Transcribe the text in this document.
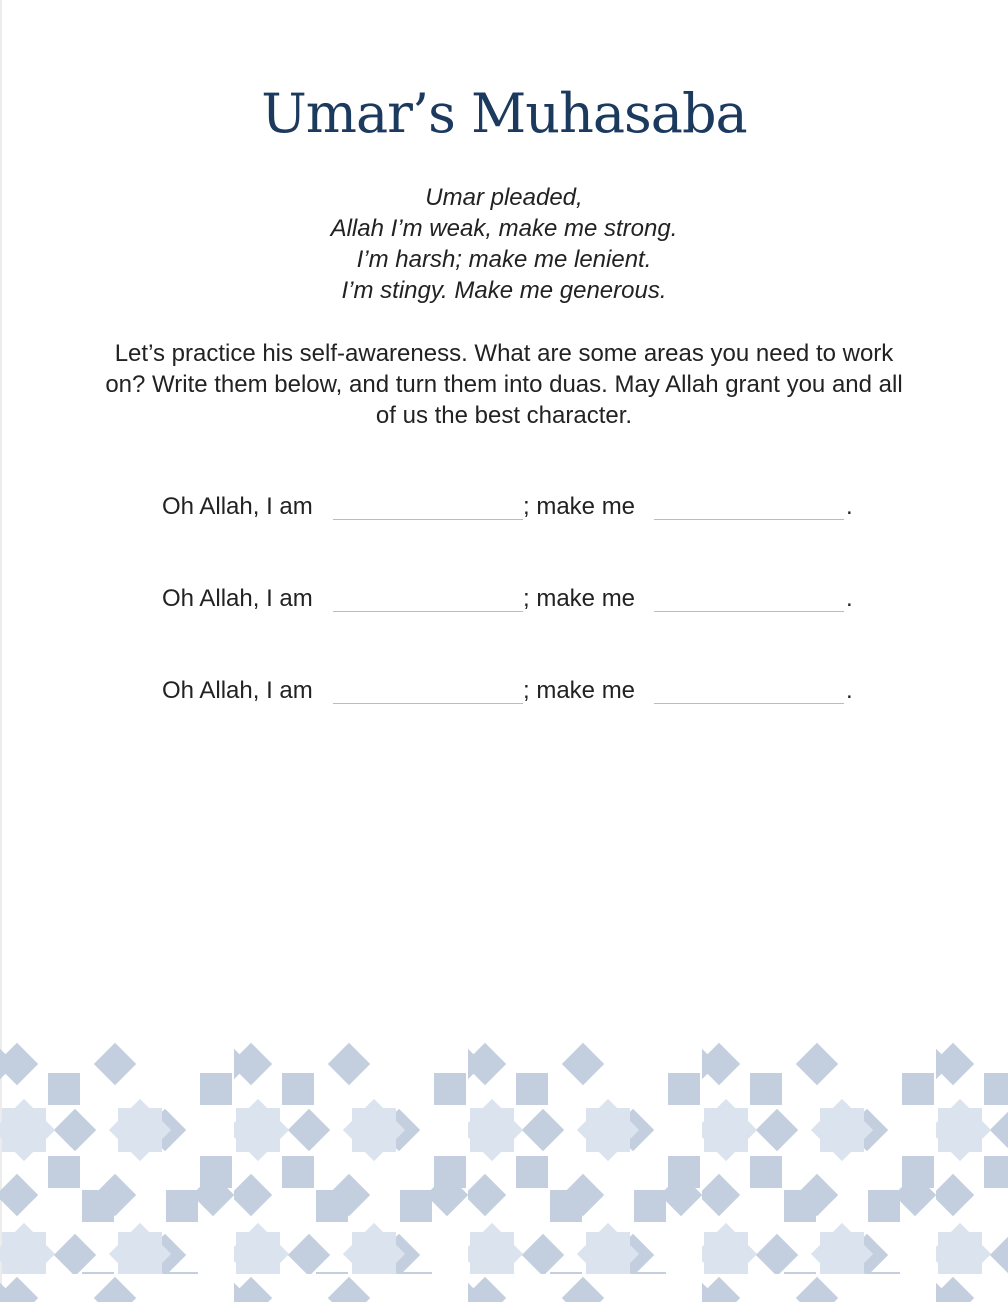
Umar’s Muhasaba
Umar pleaded,
Allah I’m weak, make me strong.
I’m harsh; make me lenient.
I’m stingy. Make me generous.
Let’s practice his self-awareness. What are some areas you need to work on? Write them below, and turn them into duas. May Allah grant you and all of us the best character.
Oh Allah, I am	; make me	.
Oh Allah, I am	; make me	.
Oh Allah, I am	; make me	.
